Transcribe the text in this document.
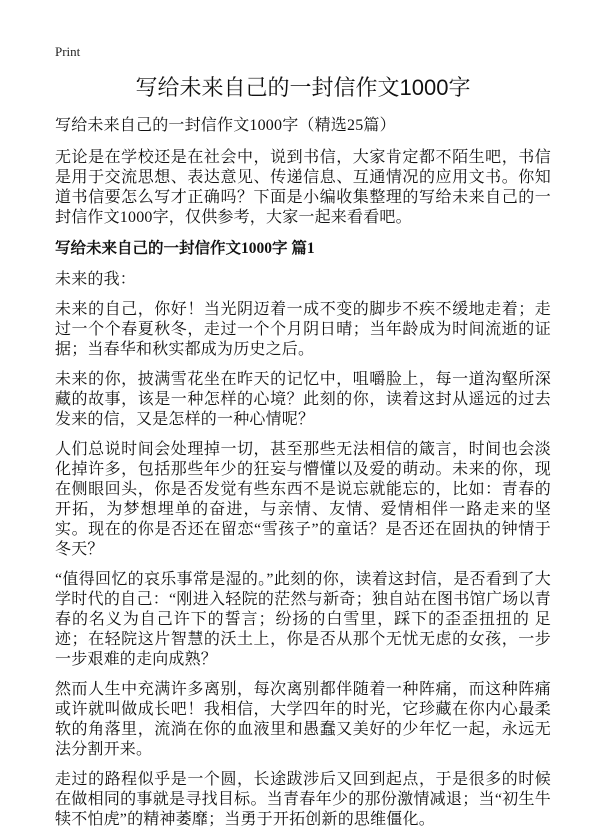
Print
写给未来自己的一封信作文1000字

写给未来自己的一封信作文1000字（精选25篇）

无论是在学校还是在社会中，说到书信，大家肯定都不陌生吧，书信是用于交流思想、表达意见、传递信息、互通情况的应用文书。你知道书信要怎么写才正确吗？下面是小编收集整理的写给未来自己的一封信作文1000字，仅供参考，大家一起来看看吧。

写给未来自己的一封信作文1000字 篇1

未来的我：

未来的自己，你好！当光阴迈着一成不变的脚步不疾不缓地走着；走过一个个春夏秋冬，走过一个个月阴日晴；当年龄成为时间流逝的证据；当春华和秋实都成为历史之后。

未来的你，披满雪花坐在昨天的记忆中，咀嚼脸上，每一道沟壑所深藏的故事，该是一种怎样的心境？此刻的你，读着这封从遥远的过去发来的信，又是怎样的一种心情呢？

人们总说时间会处理掉一切，甚至那些无法相信的箴言，时间也会淡化掉许多，包括那些年少的狂妄与懵懂以及爱的萌动。未来的你，现在侧眼回头，你是否发觉有些东西不是说忘就能忘的，比如：青春的开拓，为梦想埋单的奋进，与亲情、友情、爱情相伴一路走来的坚实。现在的你是否还在留恋“雪孩子”的童话？是否还在固执的钟情于冬天？

“值得回忆的哀乐事常是湿的。”此刻的你，读着这封信，是否看到了大学时代的自己：“刚进入轻院的茫然与新奇；独自站在图书馆广场以青春的名义为自己许下的誓言；纷扬的白雪里，踩下的歪歪扭扭的 足迹；在轻院这片智慧的沃土上，你是否从那个无忧无虑的女孩，一步一步艰难的走向成熟？

然而人生中充满许多离别，每次离别都伴随着一种阵痛，而这种阵痛或许就叫做成长吧！我相信，大学四年的时光，它珍藏在你内心最柔软的角落里，流淌在你的血液里和愚蠢又美好的少年忆一起，永远无法分割开来。

走过的路程似乎是一个圆，长途跋涉后又回到起点，于是很多的时候在做相同的事就是寻找目标。当青春年少的那份激情减退；当“初生牛犊不怕虎”的精神萎靡；当勇于开拓创新的思维僵化。
